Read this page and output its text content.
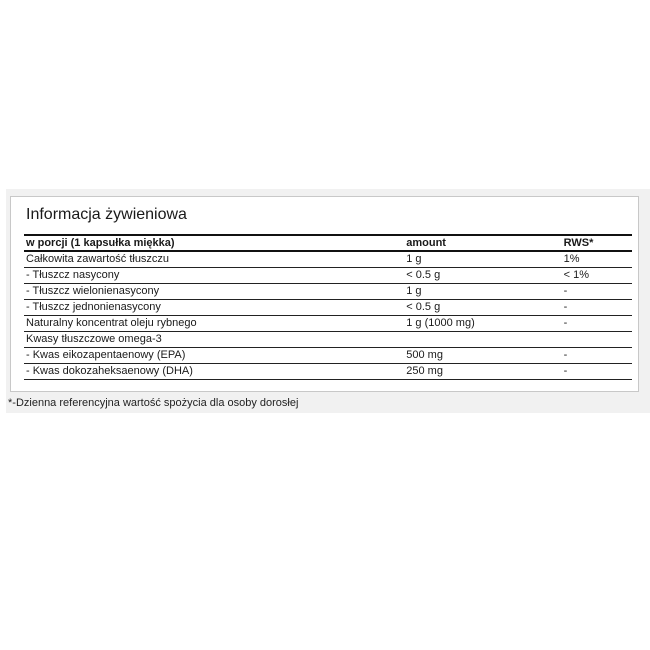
Informacja żywieniowa
w porcji (1 kapsułka miękka)	amount	RWS*
Całkowita zawartość tłuszczu	1 g	1%
- Tłuszcz nasycony	< 0.5 g	< 1%
- Tłuszcz wielonienasycony	1 g	-
- Tłuszcz jednonienasycony	< 0.5 g	-
Naturalny koncentrat oleju rybnego	1 g (1000 mg)	-
Kwasy tłuszczowe omega-3		
- Kwas eikozapentaenowy (EPA)	500 mg	-
- Kwas dokozaheksaenowy (DHA)	250 mg	-
*-Dzienna referencyjna wartość spożycia dla osoby dorosłej
